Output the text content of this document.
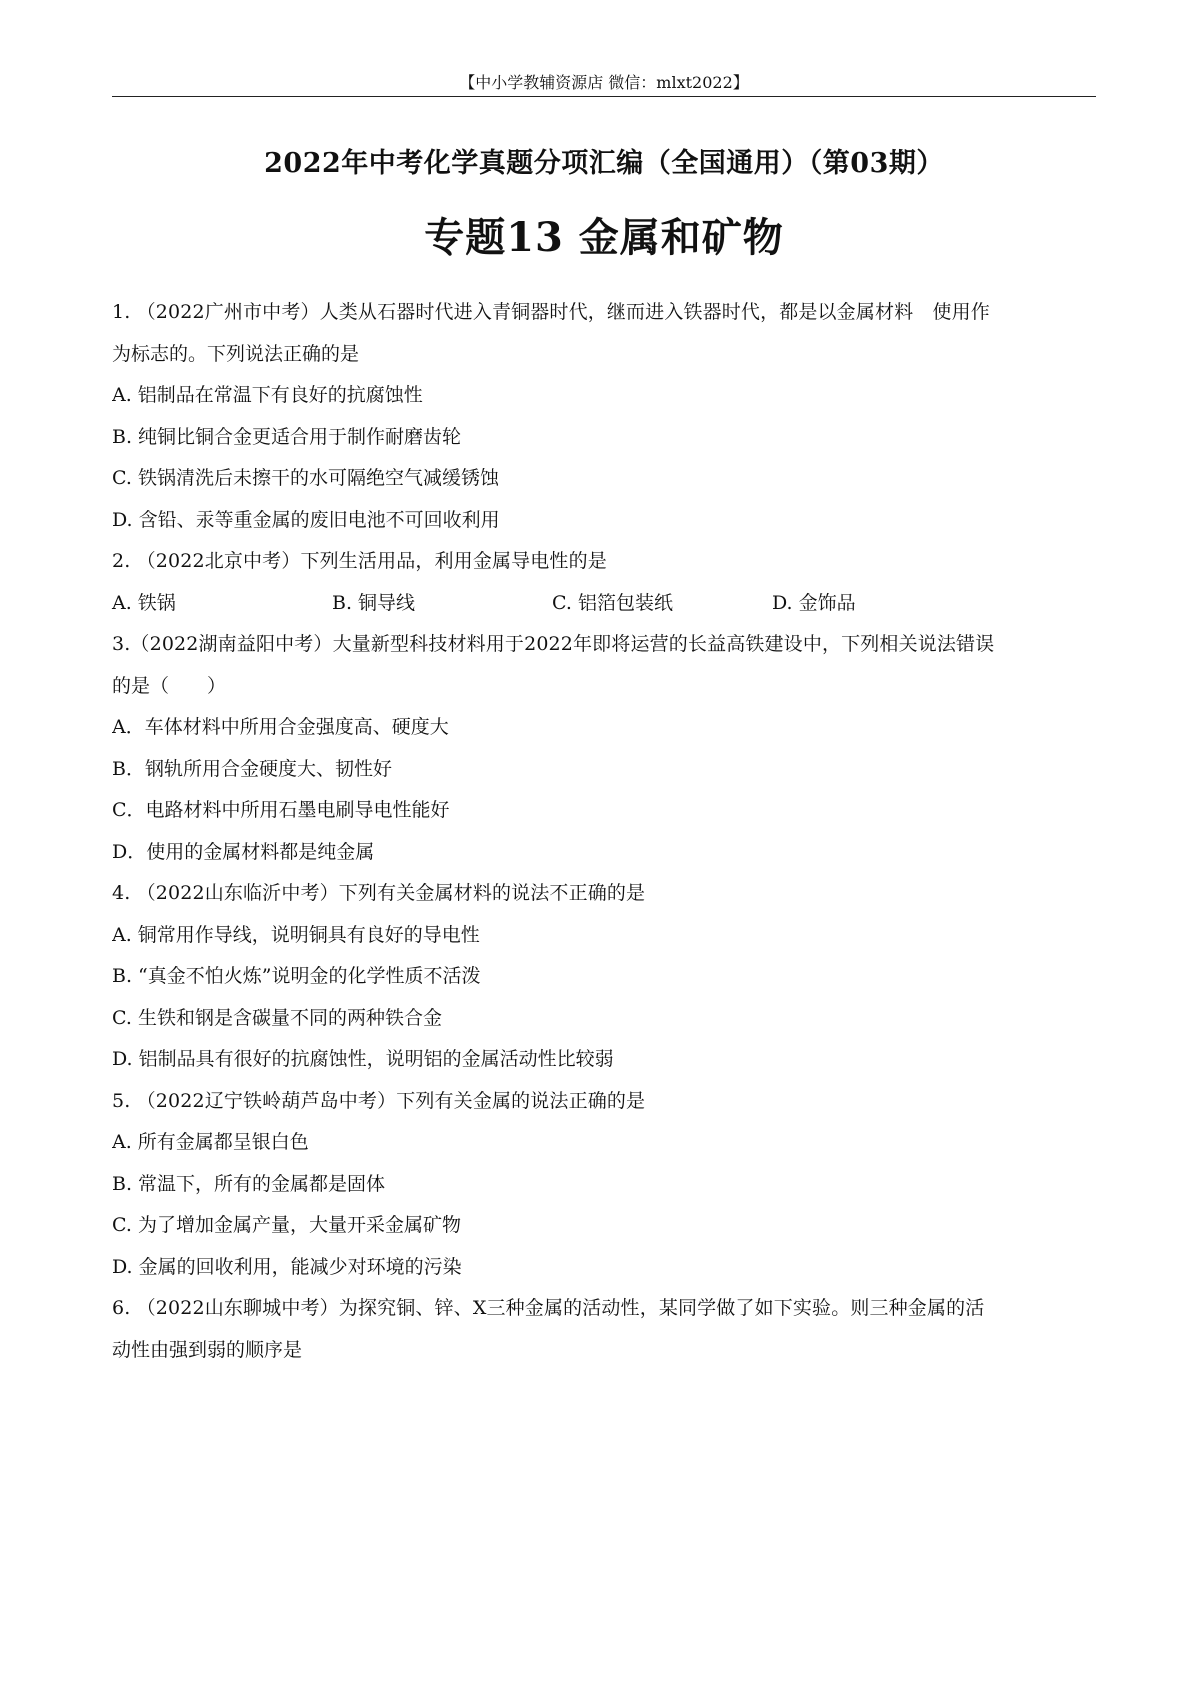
【中小学教辅资源店 微信：mlxt2022】
2022年中考化学真题分项汇编（全国通用）（第03期）
专题13 金属和矿物
1. （2022广州市中考）人类从石器时代进入青铜器时代，继而进入铁器时代，都是以金属材料　使用作
为标志的。下列说法正确的是
A. 铝制品在常温下有良好的抗腐蚀性
B. 纯铜比铜合金更适合用于制作耐磨齿轮
C. 铁锅清洗后未擦干的水可隔绝空气减缓锈蚀
D. 含铅、汞等重金属的废旧电池不可回收利用
2. （2022北京中考）下列生活用品，利用金属导电性的是
A. 铁锅	B. 铜导线	C. 铝箔包装纸	D. 金饰品
3.（2022湖南益阳中考）大量新型科技材料用于2022年即将运营的长益高铁建设中，下列相关说法错误
的是（　　）
A．车体材料中所用合金强度高、硬度大
B．钢轨所用合金硬度大、韧性好
C．电路材料中所用石墨电刷导电性能好
D．使用的金属材料都是纯金属
4. （2022山东临沂中考）下列有关金属材料的说法不正确的是
A. 铜常用作导线，说明铜具有良好的导电性
B. “真金不怕火炼”说明金的化学性质不活泼
C. 生铁和钢是含碳量不同的两种铁合金
D. 铝制品具有很好的抗腐蚀性，说明铝的金属活动性比较弱
5. （2022辽宁铁岭葫芦岛中考）下列有关金属的说法正确的是
A. 所有金属都呈银白色
B. 常温下，所有的金属都是固体
C. 为了增加金属产量，大量开采金属矿物
D. 金属的回收利用，能减少对环境的污染
6. （2022山东聊城中考）为探究铜、锌、X三种金属的活动性，某同学做了如下实验。则三种金属的活
动性由强到弱的顺序是
